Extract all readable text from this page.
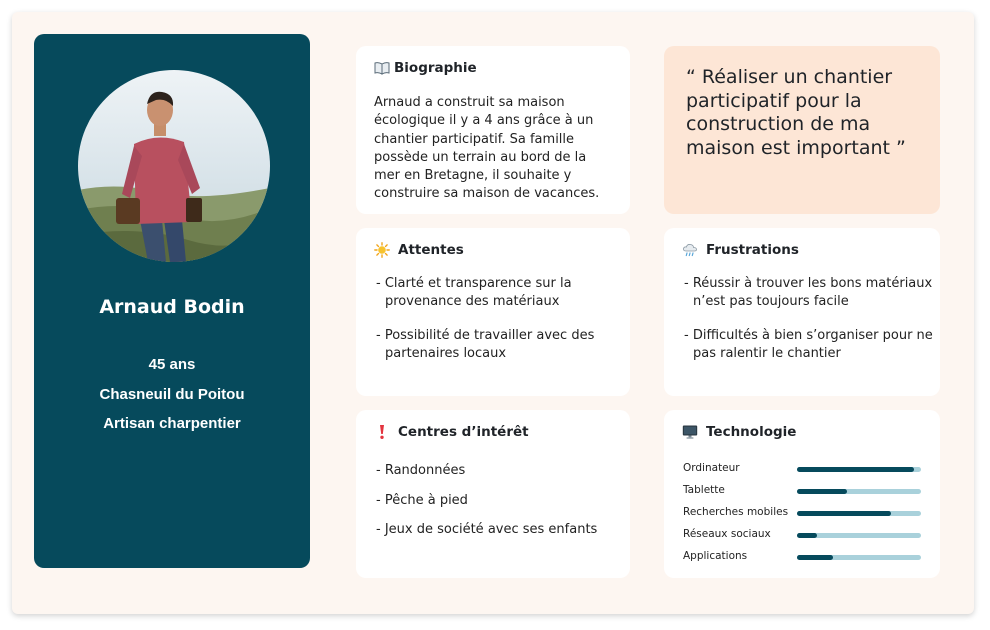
Arnaud Bodin
45 ans
Chasneuil du Poitou
Artisan charpentier
Biographie
Arnaud a construit sa maison écologique il y a 4 ans grâce à un chantier participatif. Sa famille possède un terrain au bord de la mer en Bretagne, il souhaite y construire sa maison de vacances.

“ Réaliser un chantier participatif pour la construction de ma maison est important ”

Attentes
- Clarté et transparence sur la provenance des matériaux
- Possibilité de travailler avec des partenaires locaux
Frustrations
- Réussir à trouver les bons matériaux n’est pas toujours facile
- Difficultés à bien s’organiser pour ne pas ralentir le chantier
Centres d’intérêt
- Randonnées
- Pêche à pied
- Jeux de société avec ses enfants
Technologie
Ordinateur
Tablette
Recherches mobiles
Réseaux sociaux
Applications
